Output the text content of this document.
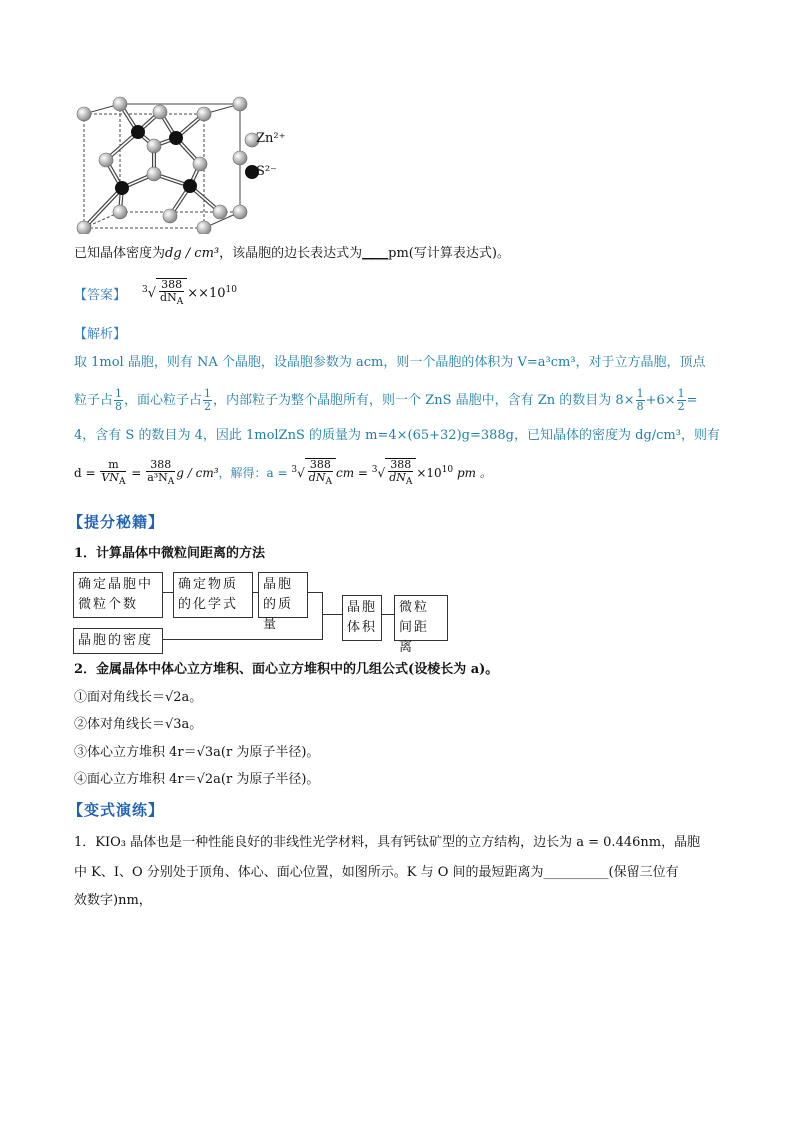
Zn²⁺
S²⁻
已知晶体密度为dg / cm³，该晶胞的边长表达式为____pm(写计算表达式)。
【答案】 $^3√ \frac{388}{dN_A} \times\times 10^{10}$
【解析】
取 1mol 晶胞，则有 NA 个晶胞，设晶胞参数为 acm，则一个晶胞的体积为 V=a³cm³，对于立方晶胞，顶点
粒子占 $\frac{1}{8}$ ，面心粒子占 $\frac{1}{2}$ ，内部粒子为整个晶胞所有，则一个 ZnS 晶胞中，含有 Zn 的数目为 $8\times \frac{1}{8} +6\times \frac{1}{2}$ =
4，含有 S 的数目为 4，因此 1molZnS 的质量为 m=4×(65+32)g=388g，已知晶体的密度为 dg/cm³，则有
$d = \frac{m}{VN_A} = \frac{388}{a^3N_A}$ g / cm³，解得：$a = ^3√ \frac{388}{dN_A}$ cm = $^3√ \frac{388}{dN_A} \times 10^{10}$ pm 。
【提分秘籍】
1．计算晶体中微粒间距离的方法
确定晶胞中微粒个数
确定物质的化学式
晶胞的质量
晶胞的密度
晶胞体积
微粒间距离
2．金属晶体中体心立方堆积、面心立方堆积中的几组公式(设棱长为 a)。
①面对角线长＝√2a。
②体对角线长＝√3a。
③体心立方堆积 4r＝√3a(r 为原子半径)。
④面心立方堆积 4r＝√2a(r 为原子半径)。
【变式演练】
1．KIO₃ 晶体也是一种性能良好的非线性光学材料，具有钙钛矿型的立方结构，边长为 a = 0.446nm，晶胞
中 K、I、O 分别处于顶角、体心、面心位置，如图所示。K 与 O 间的最短距离为__________(保留三位有
效数字)nm，
